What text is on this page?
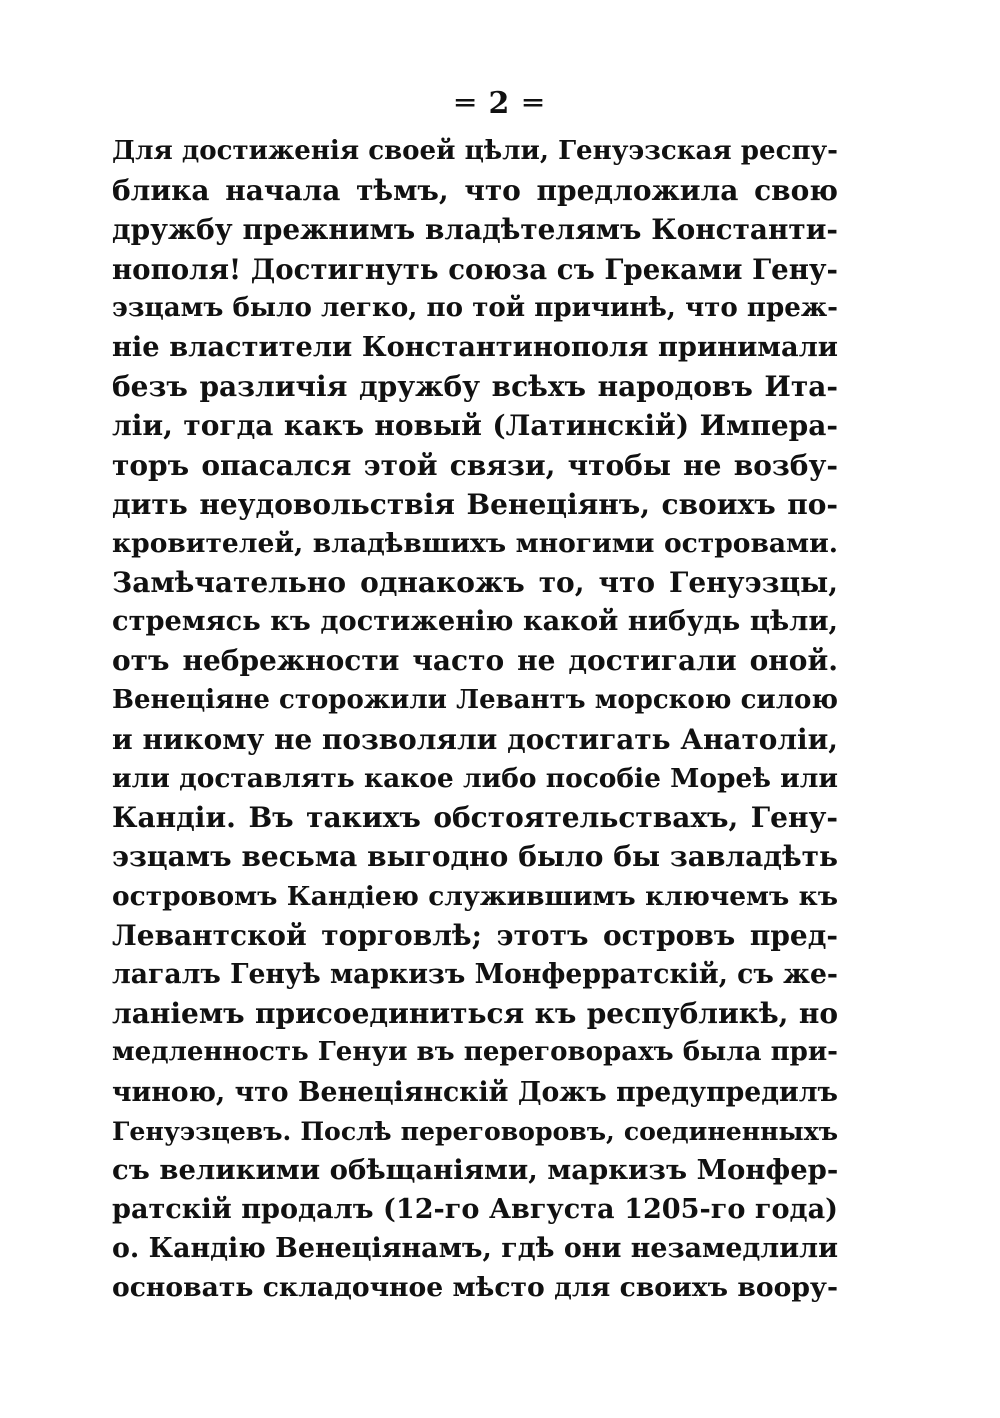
═ 2 ═
Для достиженія своей цѣли, Генуэзская респу-
блика начала тѣмъ, что предложила свою
дружбу прежнимъ владѣтелямъ Константи-
нополя! Достигнуть союза съ Греками Гену-
эзцамъ было легко, по той причинѣ, что преж-
ніе властители Константинополя принимали
безъ различія дружбу всѣхъ народовъ Ита-
ліи, тогда какъ новый (Латинскій) Импера-
торъ опасался этой связи, чтобы не возбу-
дить неудовольствія Венеціянъ, своихъ по-
кровителей, владѣвшихъ многими островами.
Замѣчательно однакожъ то, что Генуэзцы,
стремясь къ достиженію какой нибудь цѣли,
отъ небрежности часто не достигали оной.
Венеціяне сторожили Левантъ морскою силою
и никому не позволяли достигать Анатоліи,
или доставлять какое либо пособіе Мореѣ или
Кандіи. Въ такихъ обстоятельствахъ, Гену-
эзцамъ весьма выгодно было бы завладѣть
островомъ Кандіею служившимъ ключемъ къ
Левантской торговлѣ; этотъ островъ пред-
лагалъ Генуѣ маркизъ Монферратскій, съ же-
ланіемъ присоединиться къ республикѣ, но
медленность Генуи въ переговорахъ была при-
чиною, что Венеціянскій Дожъ предупредилъ
Генуэзцевъ. Послѣ переговоровъ, соединенныхъ
съ великими обѣщаніями, маркизъ Монфер-
ратскій продалъ (12-го Августа 1205-го года)
о. Кандію Венеціянамъ, гдѣ они незамедлили
основать складочное мѣсто для своихъ воору-
